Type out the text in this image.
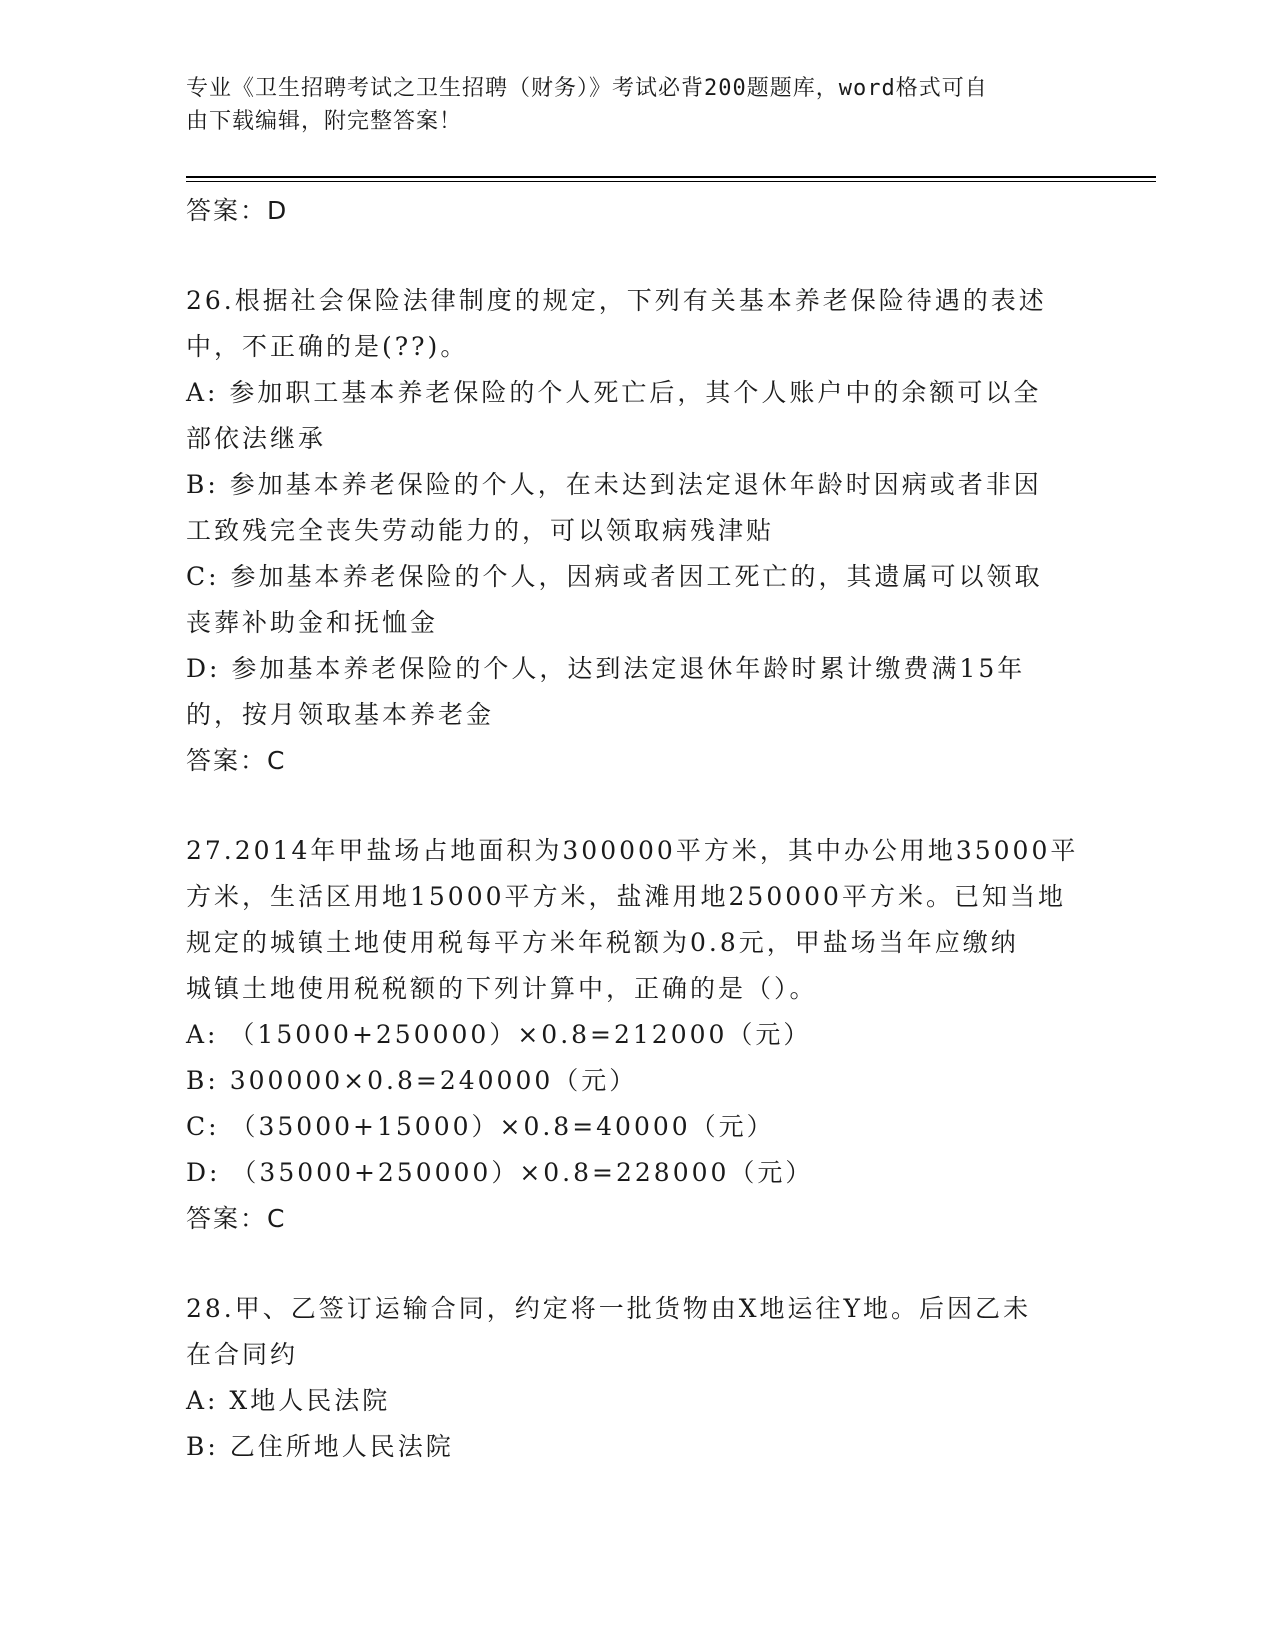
专业《卫生招聘考试之卫生招聘（财务）》考试必背200题题库，word格式可自
由下载编辑，附完整答案！
答案：D
26.根据社会保险法律制度的规定，下列有关基本养老保险待遇的表述
中，不正确的是(??)。
A: 参加职工基本养老保险的个人死亡后，其个人账户中的余额可以全
部依法继承
B: 参加基本养老保险的个人，在未达到法定退休年龄时因病或者非因
工致残完全丧失劳动能力的，可以领取病残津贴
C: 参加基本养老保险的个人，因病或者因工死亡的，其遗属可以领取
丧葬补助金和抚恤金
D: 参加基本养老保险的个人，达到法定退休年龄时累计缴费满15年
的，按月领取基本养老金
答案：C
27.2014年甲盐场占地面积为300000平方米，其中办公用地35000平
方米，生活区用地15000平方米，盐滩用地250000平方米。已知当地
规定的城镇土地使用税每平方米年税额为0.8元，甲盐场当年应缴纳
城镇土地使用税税额的下列计算中，正确的是（）。
A: （15000+250000）×0.8=212000（元）
B: 300000×0.8=240000（元）
C: （35000+15000）×0.8=40000（元）
D: （35000+250000）×0.8=228000（元）
答案：C
28.甲、乙签订运输合同，约定将一批货物由X地运往Y地。后因乙未
在合同约
A: X地人民法院
B: 乙住所地人民法院
